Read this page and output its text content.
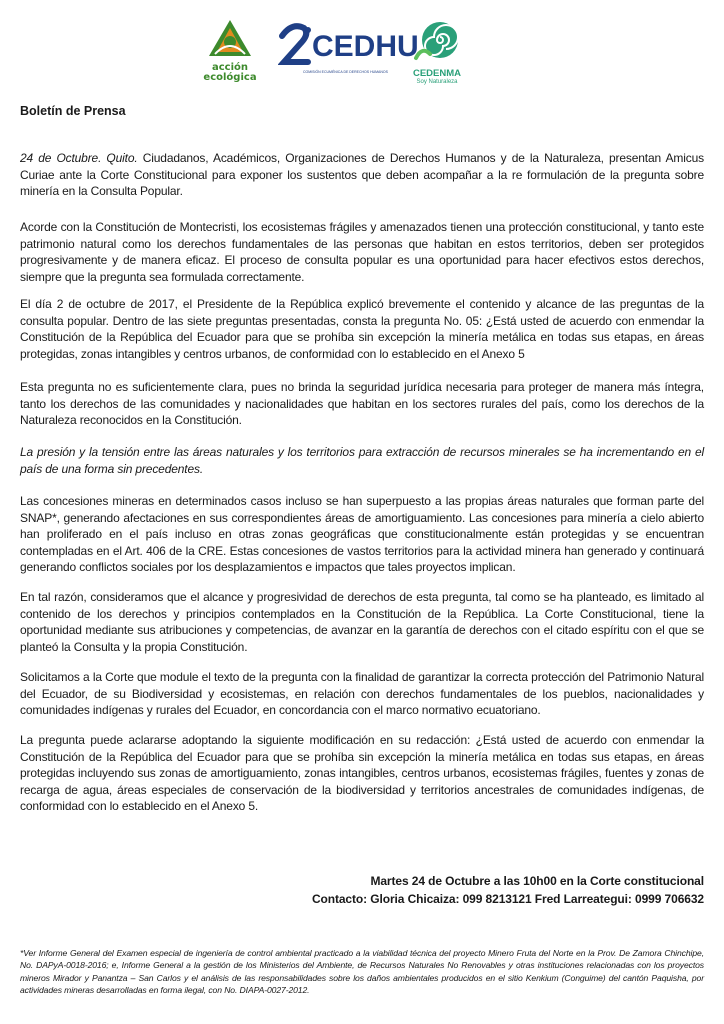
acción
ecológica
CEDHU
COMISIÓN ECUMÉNICA DE DERECHOS HUMANOS	CEDENMA
Soy Naturaleza
Boletín de Prensa

24 de Octubre. Quito. Ciudadanos, Académicos, Organizaciones de Derechos Humanos y de la Naturaleza, presentan Amicus Curiae ante la Corte Constitucional para exponer los sustentos que deben acompañar a la re formulación de la pregunta sobre minería en la Consulta Popular.

Acorde con la Constitución de Montecristi, los ecosistemas frágiles y amenazados tienen una protección constitucional, y tanto este patrimonio natural como los derechos fundamentales de las personas que habitan en estos territorios, deben ser protegidos progresivamente y de manera eficaz. El proceso de consulta popular es una oportunidad para hacer efectivos estos derechos, siempre que la pregunta sea formulada correctamente.

El día 2 de octubre de 2017, el Presidente de la República explicó brevemente el contenido y alcance de las preguntas de la consulta popular. Dentro de las siete preguntas presentadas, consta la pregunta No. 05: ¿Está usted de acuerdo con enmendar la Constitución de la República del Ecuador para que se prohíba sin excepción la minería metálica en todas sus etapas, en áreas protegidas, zonas intangibles y centros urbanos, de conformidad con lo establecido en el Anexo 5

Esta pregunta no es suficientemente clara, pues no brinda la seguridad jurídica necesaria para proteger de manera más íntegra, tanto los derechos de las comunidades y nacionalidades que habitan en los sectores rurales del país, como los derechos de la Naturaleza reconocidos en la Constitución.

La presión y la tensión entre las áreas naturales y los territorios para extracción de recursos minerales se ha incrementando en el país de una forma sin precedentes.

Las concesiones mineras en determinados casos incluso se han superpuesto a las propias áreas naturales que forman parte del SNAP*, generando afectaciones en sus correspondientes áreas de amortiguamiento. Las concesiones para minería a cielo abierto han proliferado en el país incluso en otras zonas geográficas que constitucionalmente están protegidas y se encuentran contempladas en el Art. 406 de la CRE. Estas concesiones de vastos territorios para la actividad minera han generado y continuará generando conflictos sociales por los desplazamientos e impactos que tales proyectos implican.

En tal razón, consideramos que el alcance y progresividad de derechos de esta pregunta, tal como se ha planteado, es limitado al contenido de los derechos y principios contemplados en la Constitución de la República. La Corte Constitucional, tiene la oportunidad mediante sus atribuciones y competencias, de avanzar en la garantía de derechos con el citado espíritu con el que se planteó la Consulta y la propia Constitución.

Solicitamos a la Corte que module el texto de la pregunta con la finalidad de garantizar la correcta protección del Patrimonio Natural del Ecuador, de su Biodiversidad y ecosistemas, en relación con derechos fundamentales de los pueblos, nacionalidades y comunidades indígenas y rurales del Ecuador, en concordancia con el marco normativo ecuatoriano.

La pregunta puede aclararse adoptando la siguiente modificación en su redacción: ¿Está usted de acuerdo con enmendar la Constitución de la República del Ecuador para que se prohíba sin excepción la minería metálica en todas sus etapas, en áreas protegidas incluyendo sus zonas de amortiguamiento, zonas intangibles, centros urbanos, ecosistemas frágiles, fuentes y zonas de recarga de agua, áreas especiales de conservación de la biodiversidad y territorios ancestrales de comunidades indígenas, de conformidad con lo establecido en el Anexo 5.

Martes 24 de Octubre a las 10h00 en la Corte constitucional
Contacto: Gloria Chicaiza: 099 8213121 Fred Larreategui: 0999 706632

*Ver Informe General del Examen especial de ingeniería de control ambiental practicado a la viabilidad técnica del proyecto Minero Fruta del Norte en la Prov. De Zamora Chinchipe, No. DAPyA-0018-2016; e, Informe General a la gestión de los Ministerios del Ambiente, de Recursos Naturales No Renovables y otras instituciones relacionadas con los proyectos mineros Mirador y Panantza – San Carlos y el análisis de las responsabilidades sobre los daños ambientales producidos en el sitio Kenkium (Conguime) del cantón Paquisha, por actividades mineras desarrolladas en forma ilegal, con No. DIAPA-0027-2012.
